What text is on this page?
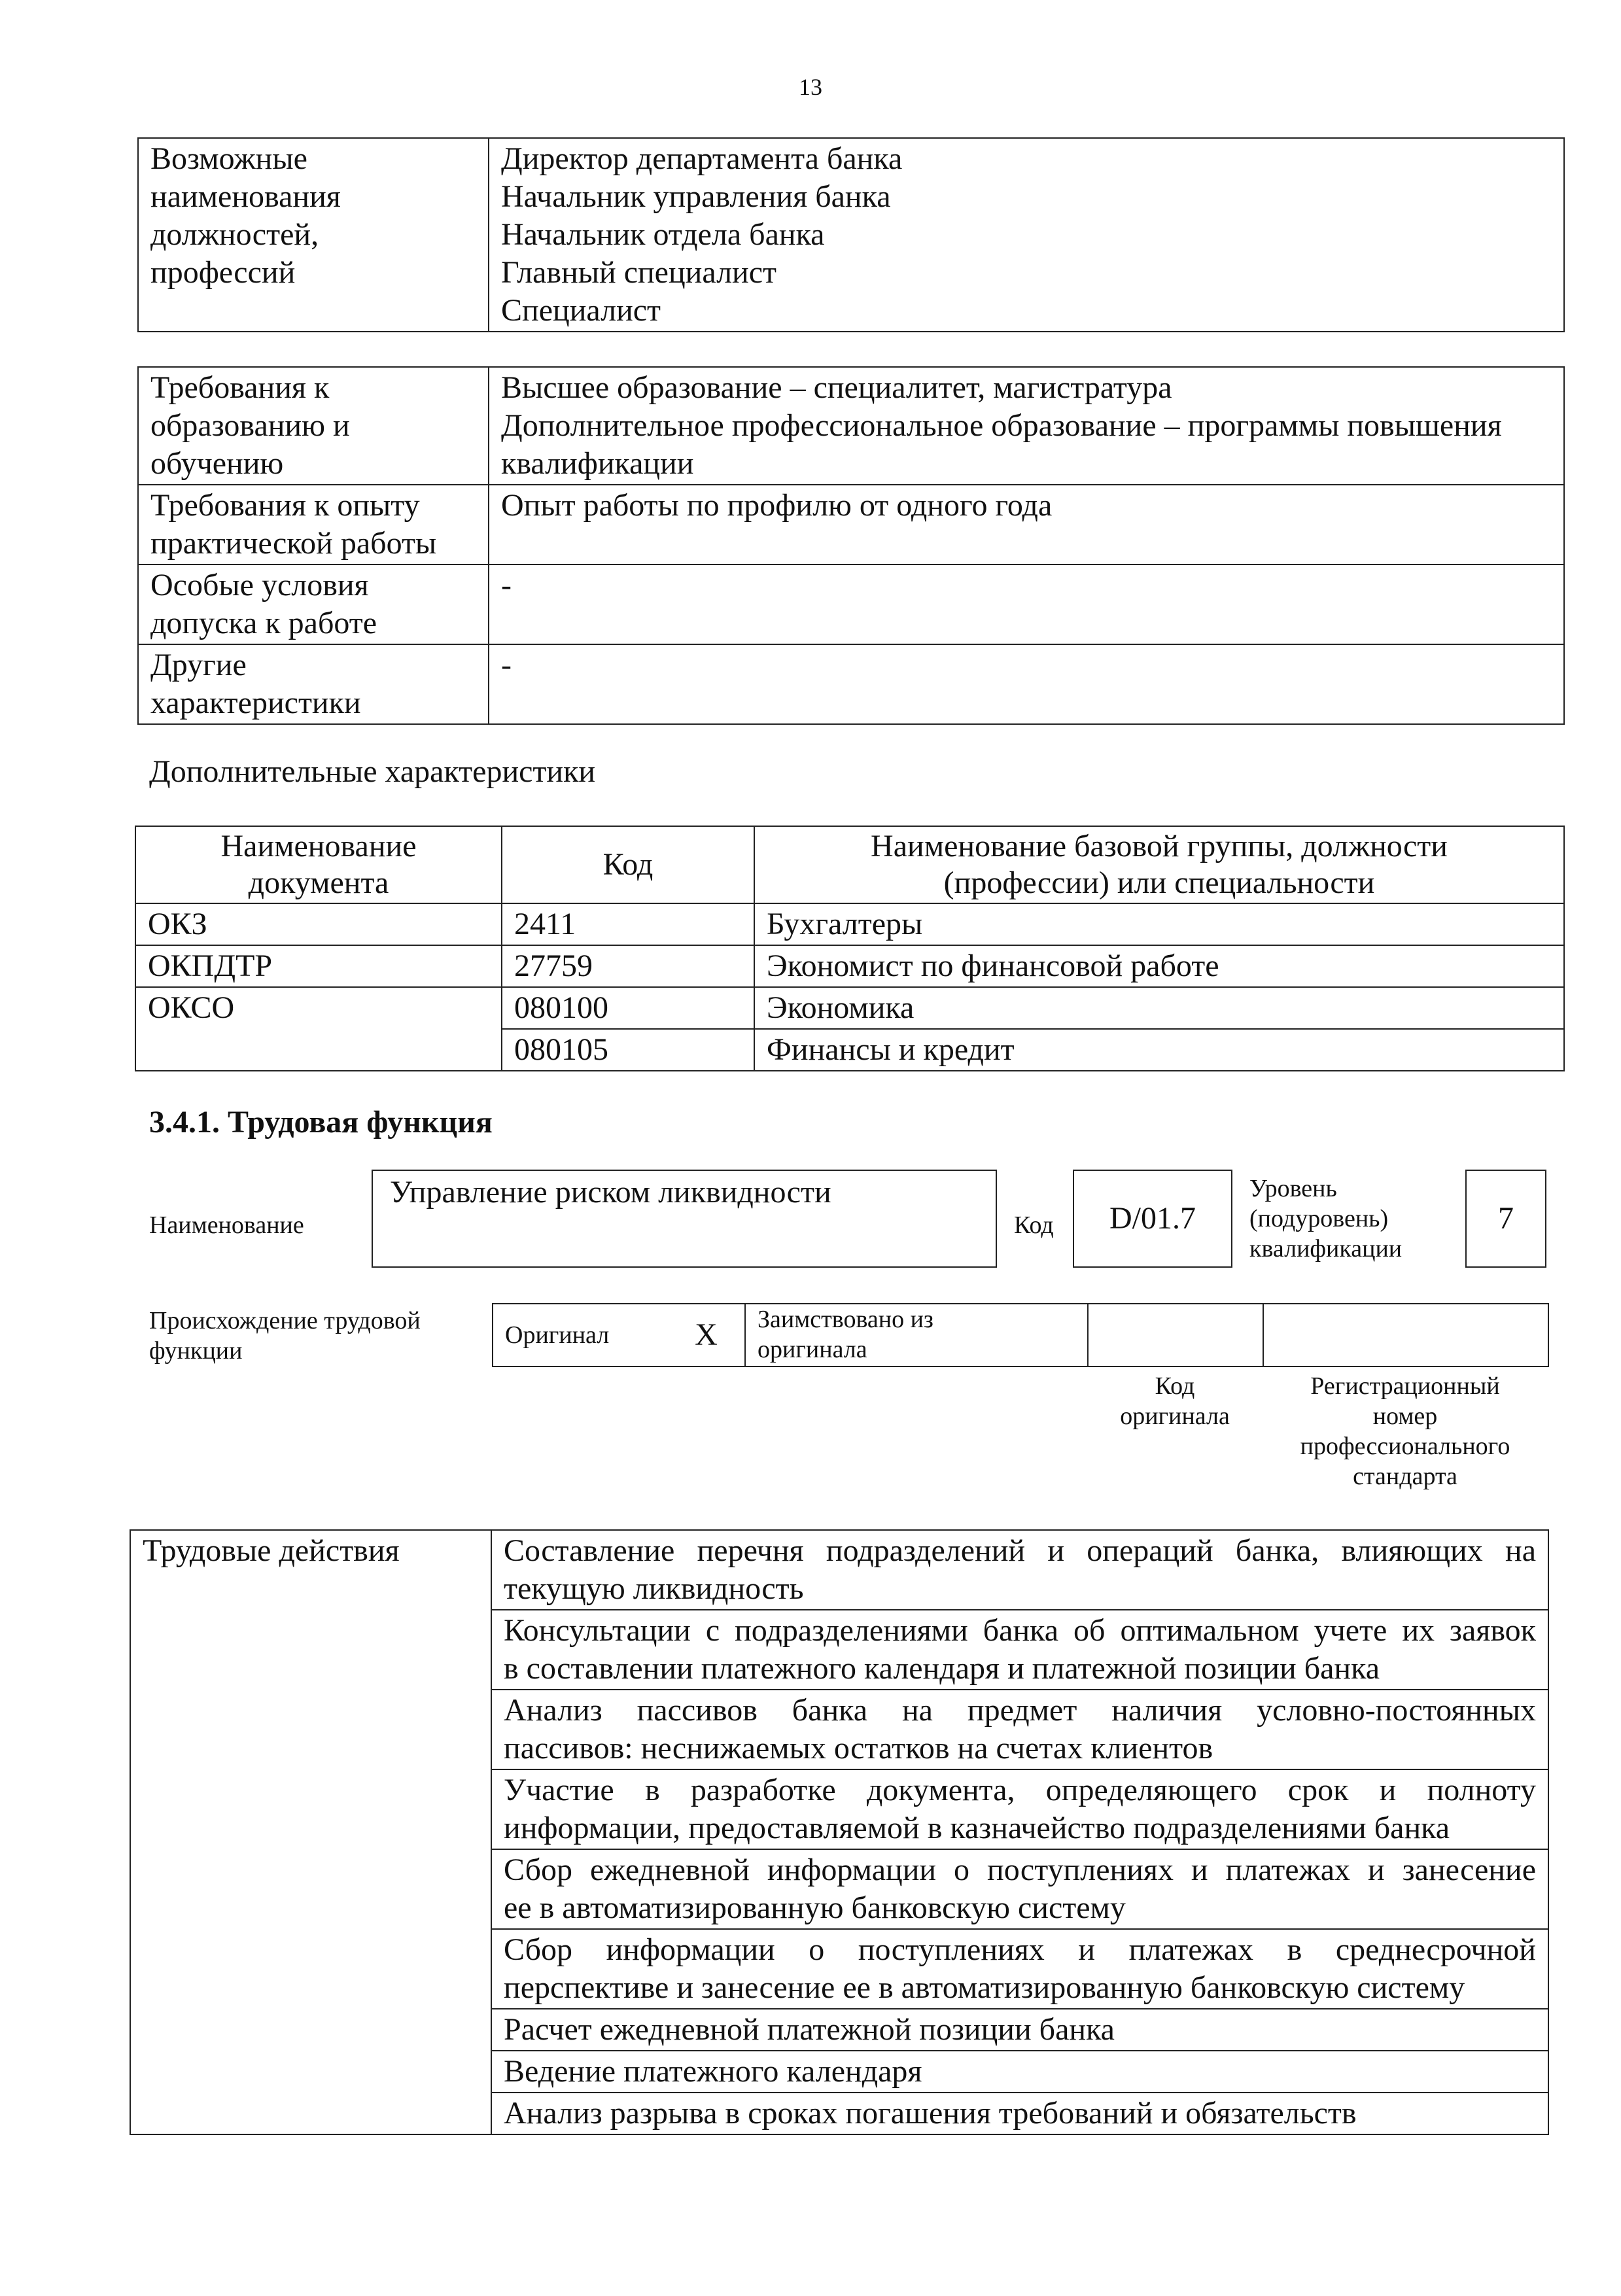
13
Возможные
наименования
должностей,
профессий

Директор департамента банка
Начальник управления банка
Начальник отдела банка
Главный специалист
Специалист
Требования к
образованию и
обучению	Высшее образование – специалитет, магистратура
Дополнительное профессиональное образование – программы повышения
квалификации

Требования к опыту
практической работы	Опыт работы по профилю от одного года

Особые условия
допуска к работе	-

Другие
характеристики	-
Дополнительные характеристики
Наименование
документа	Код	Наименование базовой группы, должности
(профессии) или специальности

ОКЗ	2411	Бухгалтеры
ОКПДТР	27759	Экономист по финансовой работе
ОКСО	080100	Экономика
	080105	Финансы и кредит
3.4.1. Трудовая функция
Наименование
Управление риском ликвидности
Код	D/01.7
Уровень
(подуровень)
квалификации
7
Происхождение трудовой
функции
Оригинал	X	Заимствовано из
оригинала

Код
оригинала
Регистрационный
номер
профессионального
стандарта
Трудовые действия	Составление перечня подразделений и операций банка, влияющих на
текущую ликвидность

Консультации с подразделениями банка об оптимальном учете их заявок
в составлении платежного календаря и платежной позиции банка

Анализ пассивов банка на предмет наличия условно-постоянных
пассивов: неснижаемых остатков на счетах клиентов

Участие в разработке документа, определяющего срок и полноту
информации, предоставляемой в казначейство подразделениями банка

Сбор ежедневной информации о поступлениях и платежах и занесение
ее в автоматизированную банковскую систему

Сбор информации о поступлениях и платежах в среднесрочной
перспективе и занесение ее в автоматизированную банковскую систему

Расчет ежедневной платежной позиции банка
Ведение платежного календаря
Анализ разрыва в сроках погашения требований и обязательств
